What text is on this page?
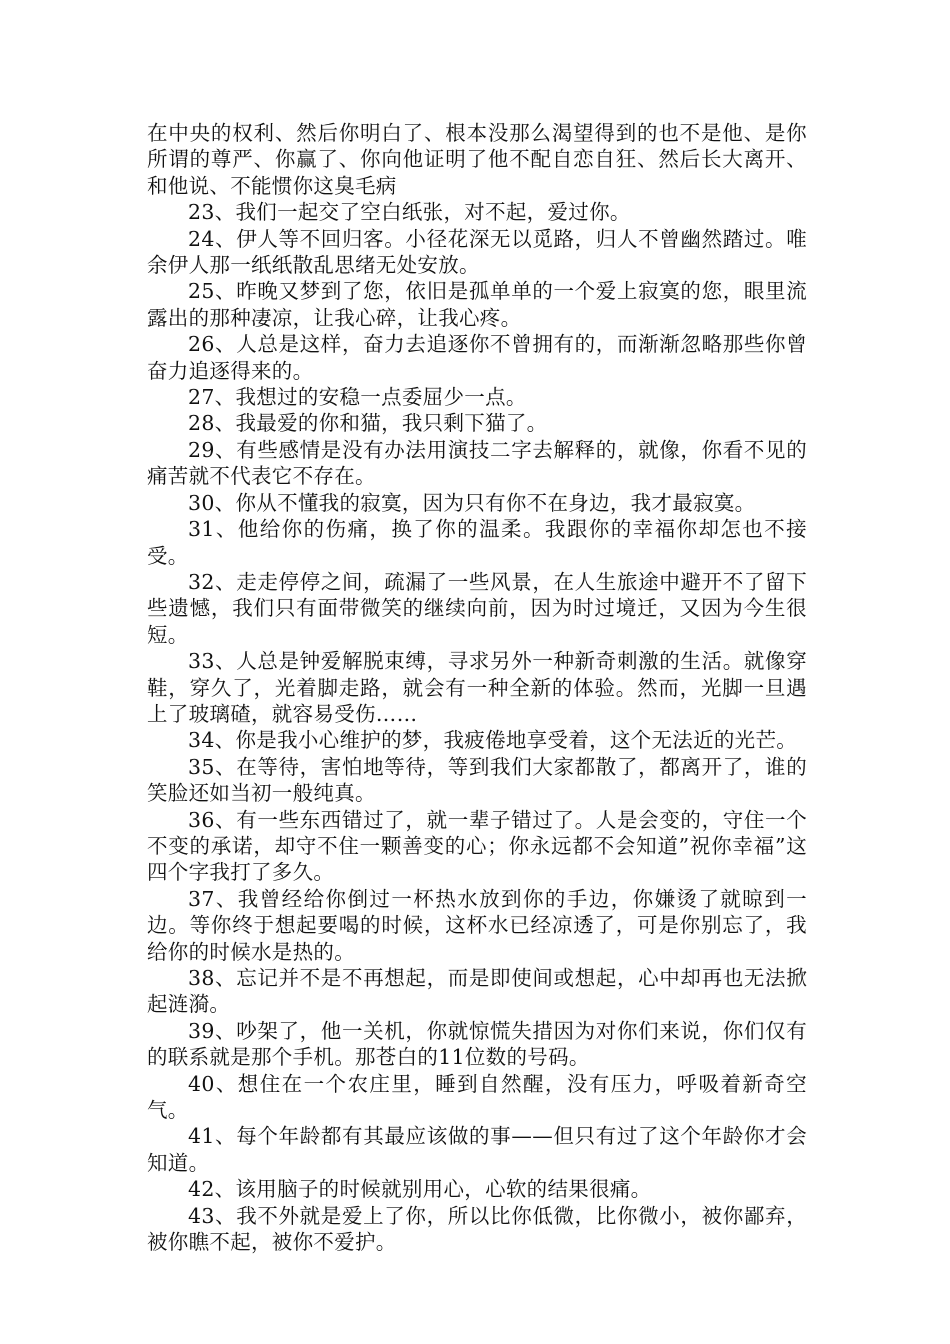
在中央的权利、然后你明白了、根本没那么渴望得到的也不是他、是你所谓的尊严、你赢了、你向他证明了他不配自恋自狂、然后长大离开、和他说、不能惯你这臭毛病

23、我们一起交了空白纸张，对不起，爱过你。

24、伊人等不回归客。小径花深无以觅路，归人不曾幽然踏过。唯余伊人那一纸纸散乱思绪无处安放。

25、昨晚又梦到了您，依旧是孤单单的一个爱上寂寞的您，眼里流露出的那种凄凉，让我心碎，让我心疼。

26、人总是这样，奋力去追逐你不曾拥有的，而渐渐忽略那些你曾奋力追逐得来的。

27、我想过的安稳一点委屈少一点。

28、我最爱的你和猫，我只剩下猫了。

29、有些感情是没有办法用演技二字去解释的，就像，你看不见的痛苦就不代表它不存在。

30、你从不懂我的寂寞，因为只有你不在身边，我才最寂寞。

31、他给你的伤痛，换了你的温柔。我跟你的幸福你却怎也不接受。

32、走走停停之间，疏漏了一些风景，在人生旅途中避开不了留下些遗憾，我们只有面带微笑的继续向前，因为时过境迁，又因为今生很短。

33、人总是钟爱解脱束缚，寻求另外一种新奇刺激的生活。就像穿鞋，穿久了，光着脚走路，就会有一种全新的体验。然而，光脚一旦遇上了玻璃碴，就容易受伤……

34、你是我小心维护的梦，我疲倦地享受着，这个无法近的光芒。

35、在等待，害怕地等待，等到我们大家都散了，都离开了，谁的笑脸还如当初一般纯真。

36、有一些东西错过了，就一辈子错过了。人是会变的，守住一个不变的承诺，却守不住一颗善变的心；你永远都不会知道”祝你幸福”这四个字我打了多久。

37、我曾经给你倒过一杯热水放到你的手边，你嫌烫了就晾到一边。等你终于想起要喝的时候，这杯水已经凉透了，可是你别忘了，我给你的时候水是热的。

38、忘记并不是不再想起，而是即使间或想起，心中却再也无法掀起涟漪。

39、吵架了，他一关机，你就惊慌失措因为对你们来说，你们仅有的联系就是那个手机。那苍白的11位数的号码。

40、想住在一个农庄里，睡到自然醒，没有压力，呼吸着新奇空气。

41、每个年龄都有其最应该做的事——但只有过了这个年龄你才会知道。

42、该用脑子的时候就别用心，心软的结果很痛。

43、我不外就是爱上了你，所以比你低微，比你微小，被你鄙弃，被你瞧不起，被你不爱护。
